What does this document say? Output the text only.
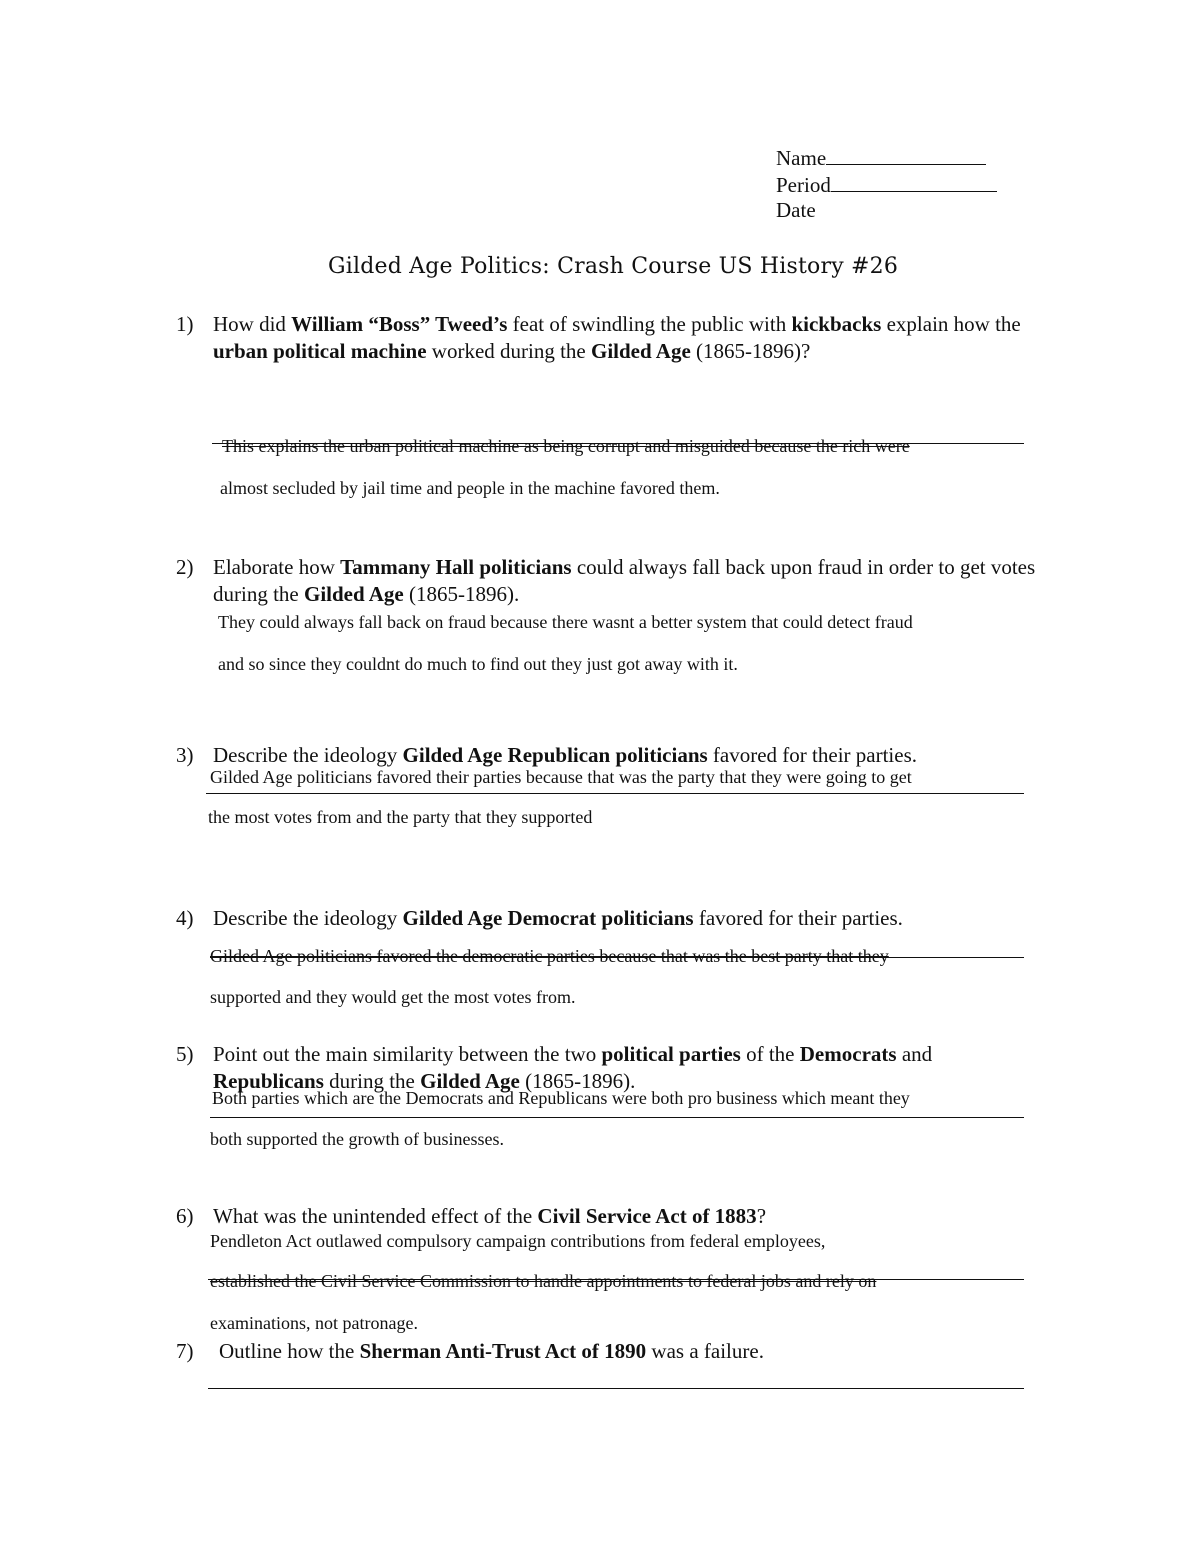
Name
Period
Date
Gilded Age Politics: Crash Course US History #26
1) How did William “Boss” Tweed’s feat of swindling the public with kickbacks explain how the urban political machine worked during the Gilded Age (1865-1896)?
This explains the urban political machine as being corrupt and misguided because the rich were
almost secluded by jail time and people in the machine favored them.
2) Elaborate how Tammany Hall politicians could always fall back upon fraud in order to get votes during the Gilded Age (1865-1896).
They could always fall back on fraud because there wasnt a better system that could detect fraud
and so since they couldnt do much to find out they just got away with it.
3) Describe the ideology Gilded Age Republican politicians favored for their parties.
Gilded Age politicians favored their parties because that was the party that they were going to get
the most votes from and the party that they supported
4) Describe the ideology Gilded Age Democrat politicians favored for their parties.
Gilded Age politicians favored the democratic parties because that was the best party that they
supported and they would get the most votes from.
5) Point out the main similarity between the two political parties of the Democrats and Republicans during the Gilded Age (1865-1896).
Both parties which are the Democrats and Republicans were both pro business which meant they
both supported the growth of businesses.
6) What was the unintended effect of the Civil Service Act of 1883?
Pendleton Act outlawed compulsory campaign contributions from federal employees,
established the Civil Service Commission to handle appointments to federal jobs and rely on
examinations, not patronage.
7) Outline how the Sherman Anti-Trust Act of 1890 was a failure.
